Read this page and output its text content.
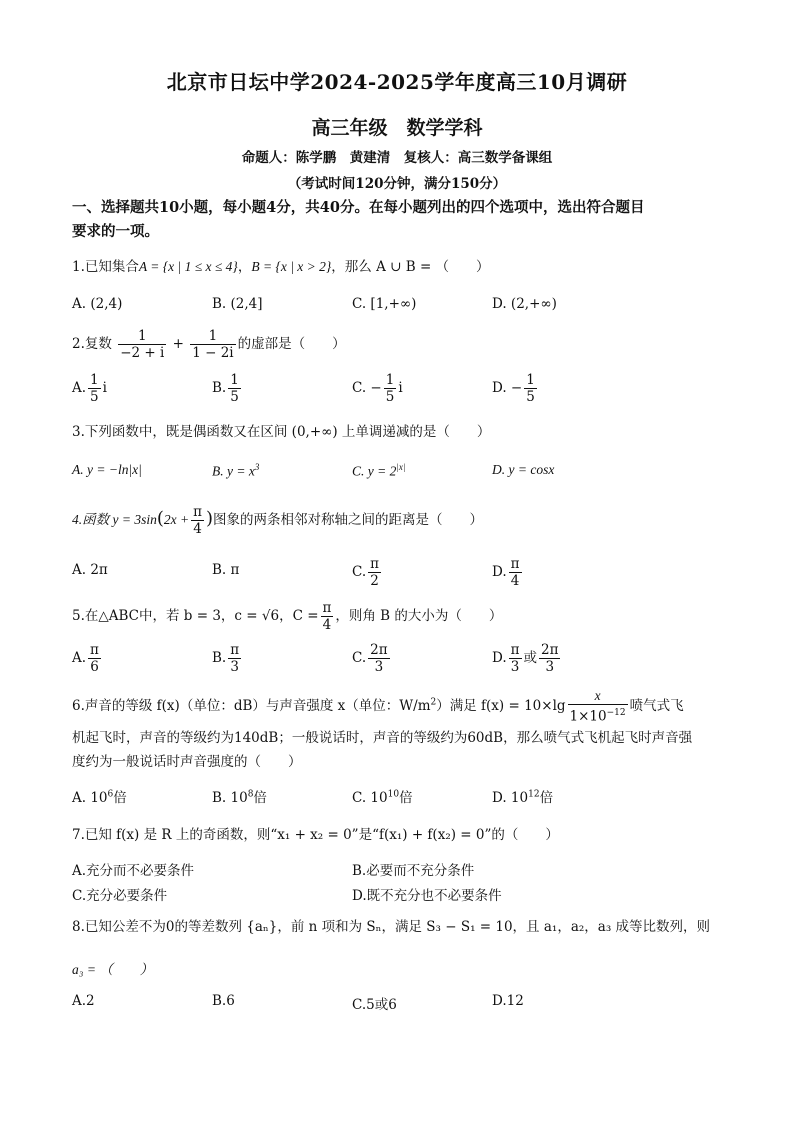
北京市日坛中学2024-2025学年度高三10月调研
高三年级　数学学科
命题人：陈学鹏　黄建清　复核人：高三数学备课组
（考试时间120分钟，满分150分）
一、选择题共10小题，每小题4分，共40分。在每小题列出的四个选项中，选出符合题目
要求的一项。
1.已知集合A = {x | 1 ≤ x ≤ 4}，B = {x | x > 2}，那么 A ∪ B = （　　）
A. (2,4)	B. (2,4]	C. [1,+∞)	D. (2,+∞)
2.复数 $\frac{1}{-2 + i} + \frac{1}{1 - 2i}$ 的虚部是（　　）
A. $\frac{1}{5}$ i	B. $\frac{1}{5}$	C. − $\frac{1}{5}$ i	D. − $\frac{1}{5}$
3.下列函数中，既是偶函数又在区间 (0,+∞) 上单调递减的是（　　）
A. y = −ln|x|	B. $y = x^3$	C. $y = 2^{|x|}$	D. y = cosx
4.函数 $y = 3\sin(2x + \frac{\pi}{4}$ )图象的两条相邻对称轴之间的距离是（　　）
A. 2π	B. π	C. $\frac{\pi}{2}$	D. $\frac{\pi}{4}$
5.在△ABC中，若 b = 3，c = √6，$C = \frac{\pi}{4}$ ，则角 B 的大小为（　　）
A. $\frac{\pi}{6}$	B. $\frac{\pi}{3}$	C. $\frac{2\pi}{3}$	D. $\frac{\pi}{3}$ 或 $\frac{2\pi}{3}$
6.声音的等级 f(x)（单位：dB）与声音强度 x（单位：$W/m^2$）满足 $f(x) = 10\times\lg \frac{x}{1\times 10^{-12}}$ 喷气式飞
机起飞时，声音的等级约为140dB；一般说话时，声音的等级约为60dB，那么喷气式飞机起飞时声音强
度约为一般说话时声音强度的（　　）
A. $10^6$倍	B. $10^8$倍	C. $10^{10}$倍	D. $10^{12}$倍
7.已知 f(x) 是 R 上的奇函数，则“x₁ + x₂ = 0”是“f(x₁) + f(x₂) = 0”的（　　）
A.充分而不必要条件	B.必要而不充分条件
C.充分必要条件	D.既不充分也不必要条件
8.已知公差不为0的等差数列 {aₙ}，前 n 项和为 Sₙ，满足 S₃ − S₁ = 10，且 a₁，a₂，a₃ 成等比数列，则
a₃ = （　　）
A.2	B.6	C.5或6	D.12
